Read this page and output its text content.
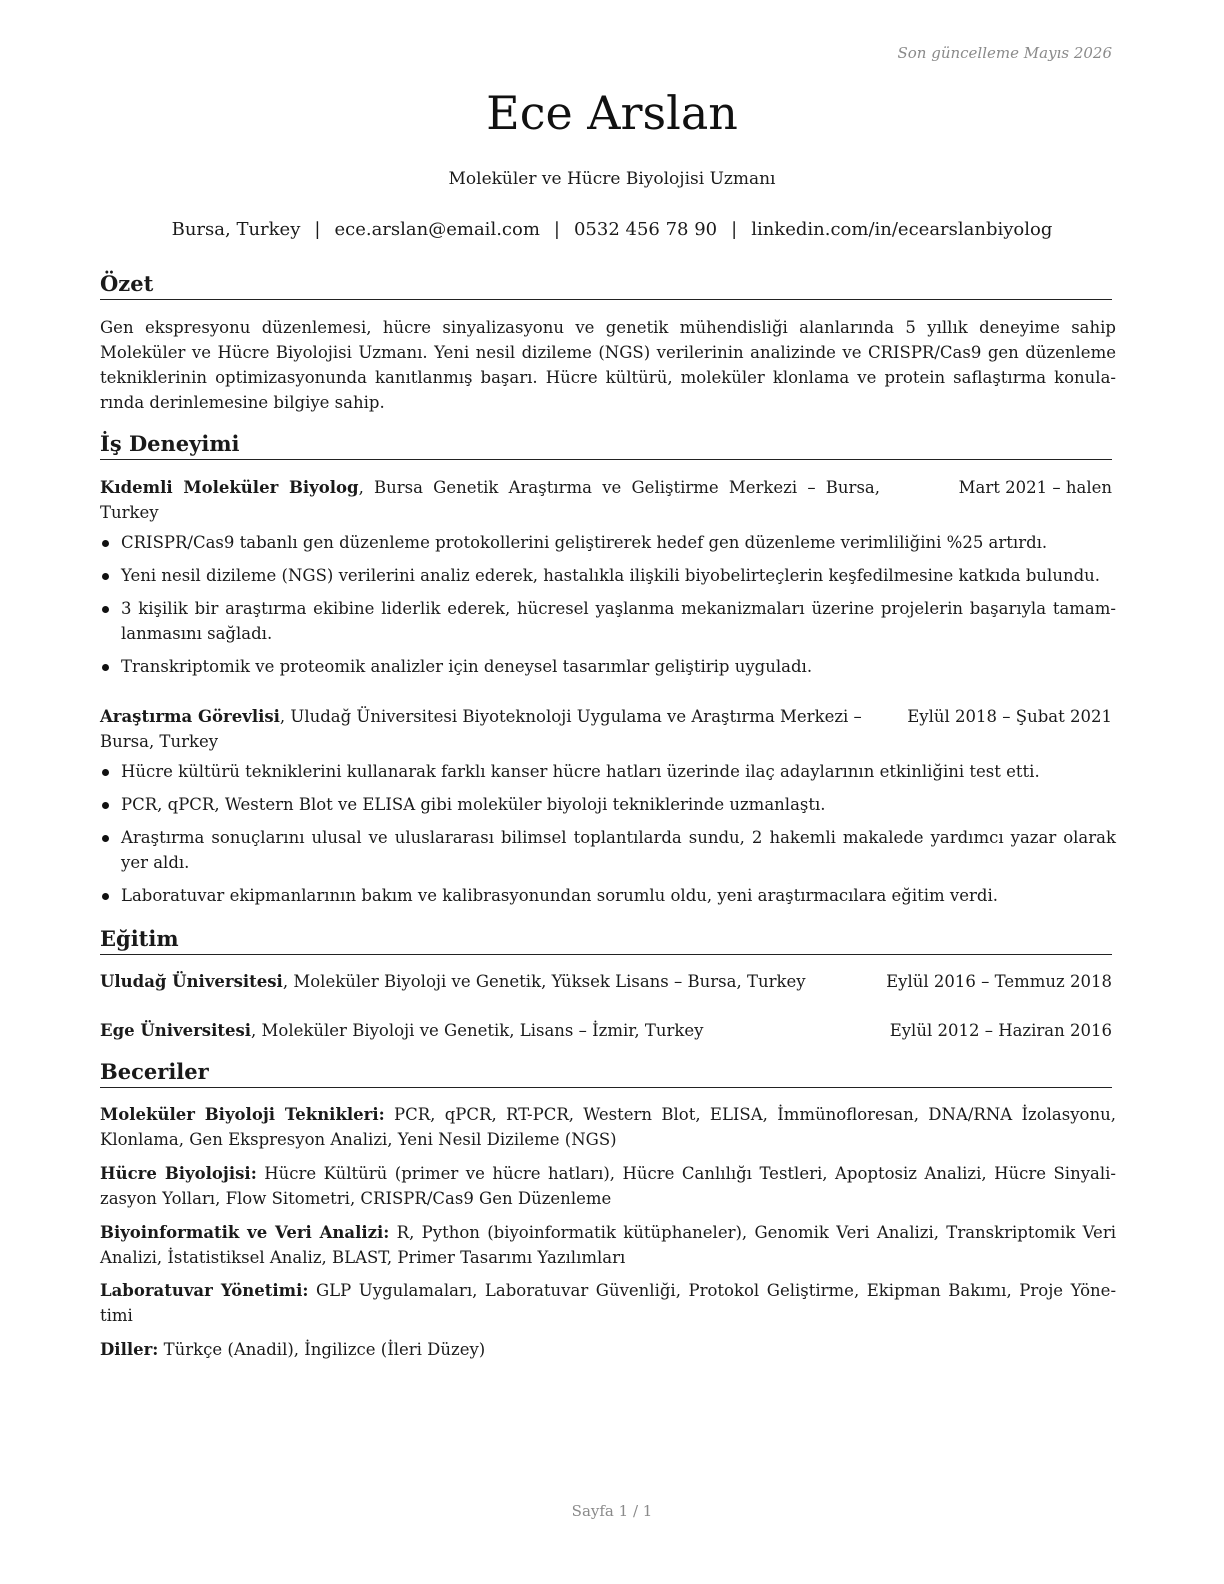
Son güncelleme Mayıs 2026
Ece Arslan

Moleküler ve Hücre Biyolojisi Uzmanı

Bursa, Turkey | ece.arslan@email.com | 0532 456 78 90 | linkedin.com/in/ecearslanbiyolog

Özet

Gen ekspresyonu düzenlemesi, hücre sinyalizasyonu ve genetik mühendisliği alanlarında 5 yıllık deneyime sahip Moleküler ve Hücre Biyolojisi Uzmanı. Yeni nesil dizileme (NGS) verilerinin analizinde ve CRISPR/Cas9 gen düzenleme tekniklerinin optimizasyonunda kanıtlanmış başarı. Hücre kültürü, moleküler klonlama ve protein saflaştırma konularında derinlemesine bilgiye sahip.

İş Deneyimi
Kıdemli Moleküler Biyolog, Bursa Genetik Araştırma ve Geliştirme Merkezi – Bursa, Turkey
Mart 2021 – halen
CRISPR/Cas9 tabanlı gen düzenleme protokollerini geliştirerek hedef gen düzenleme verimliliğini %25 artırdı.
Yeni nesil dizileme (NGS) verilerini analiz ederek, hastalıkla ilişkili biyobelirteçlerin keşfedilmesine katkıda bulundu.
3 kişilik bir araştırma ekibine liderlik ederek, hücresel yaşlanma mekanizmaları üzerine projelerin başarıyla tamamlanmasını sağladı.
Transkriptomik ve proteomik analizler için deneysel tasarımlar geliştirip uyguladı.
Araştırma Görevlisi, Uludağ Üniversitesi Biyoteknoloji Uygulama ve Araştırma Merkezi – Bursa, Turkey
Eylül 2018 – Şubat 2021
Hücre kültürü tekniklerini kullanarak farklı kanser hücre hatları üzerinde ilaç adaylarının etkinliğini test etti.
PCR, qPCR, Western Blot ve ELISA gibi moleküler biyoloji tekniklerinde uzmanlaştı.
Araştırma sonuçlarını ulusal ve uluslararası bilimsel toplantılarda sundu, 2 hakemli makalede yardımcı yazar olarak yer aldı.
Laboratuvar ekipmanlarının bakım ve kalibrasyonundan sorumlu oldu, yeni araştırmacılara eğitim verdi.
Eğitim
Uludağ Üniversitesi, Moleküler Biyoloji ve Genetik, Yüksek Lisans – Bursa, Turkey	Eylül 2016 – Temmuz 2018
Ege Üniversitesi, Moleküler Biyoloji ve Genetik, Lisans – İzmir, Turkey	Eylül 2012 – Haziran 2016
Beceriler

Moleküler Biyoloji Teknikleri: PCR, qPCR, RT-PCR, Western Blot, ELISA, İmmünofloresan, DNA/RNA İzolasyonu, Klonlama, Gen Ekspresyon Analizi, Yeni Nesil Dizileme (NGS)

Hücre Biyolojisi: Hücre Kültürü (primer ve hücre hatları), Hücre Canlılığı Testleri, Apoptosiz Analizi, Hücre Sinyalizasyon Yolları, Flow Sitometri, CRISPR/Cas9 Gen Düzenleme

Biyoinformatik ve Veri Analizi: R, Python (biyoinformatik kütüphaneler), Genomik Veri Analizi, Transkriptomik Veri Analizi, İstatistiksel Analiz, BLAST, Primer Tasarımı Yazılımları

Laboratuvar Yönetimi: GLP Uygulamaları, Laboratuvar Güvenliği, Protokol Geliştirme, Ekipman Bakımı, Proje Yönetimi

Diller: Türkçe (Anadil), İngilizce (İleri Düzey)

Sayfa 1 / 1
